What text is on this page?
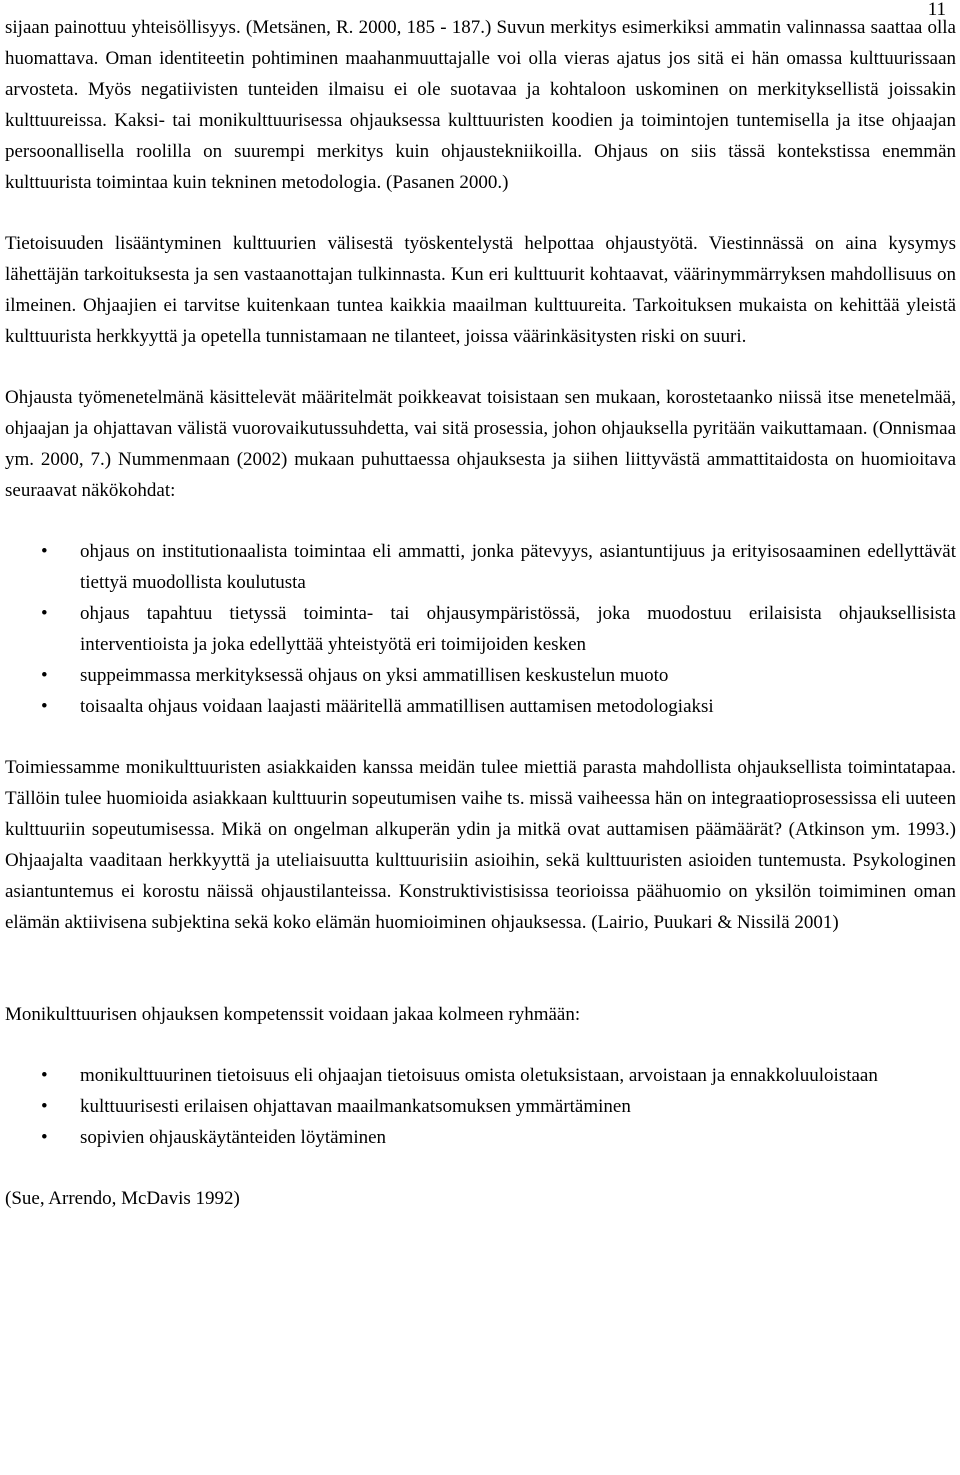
11

sijaan painottuu yhteisöllisyys. (Metsänen, R. 2000, 185 - 187.) Suvun merkitys esimerkiksi ammatin valinnassa saattaa olla huomattava. Oman identiteetin pohtiminen maahanmuuttajalle voi olla vieras ajatus jos sitä ei hän omassa kulttuurissaan arvosteta. Myös negatiivisten tunteiden ilmaisu ei ole suotavaa ja kohtaloon uskominen on merkityksellistä joissakin kulttuureissa. Kaksi- tai monikulttuurisessa ohjauksessa kulttuuristen koodien ja toimintojen tuntemisella ja itse ohjaajan persoonallisella roolilla on suurempi merkitys kuin ohjaustekniikoilla. Ohjaus on siis tässä kontekstissa enemmän kulttuurista toimintaa kuin tekninen metodologia. (Pasanen 2000.)

Tietoisuuden lisääntyminen kulttuurien välisestä työskentelystä helpottaa ohjaustyötä. Viestinnässä on aina kysymys lähettäjän tarkoituksesta ja sen vastaanottajan tulkinnasta. Kun eri kulttuurit kohtaavat, väärinymmärryksen mahdollisuus on ilmeinen. Ohjaajien ei tarvitse kuitenkaan tuntea kaikkia maailman kulttuureita. Tarkoituksen mukaista on kehittää yleistä kulttuurista herkkyyttä ja opetella tunnistamaan ne tilanteet, joissa väärinkäsitysten riski on suuri.

Ohjausta työmenetelmänä käsittelevät määritelmät poikkeavat toisistaan sen mukaan, korostetaanko niissä itse menetelmää, ohjaajan ja ohjattavan välistä vuorovaikutussuhdetta, vai sitä prosessia, johon ohjauksella pyritään vaikuttamaan. (Onnismaa ym. 2000, 7.) Nummenmaan (2002) mukaan puhuttaessa ohjauksesta ja siihen liittyvästä ammattitaidosta on huomioitava seuraavat näkökohdat:

• ohjaus on institutionaalista toimintaa eli ammatti, jonka pätevyys, asiantuntijuus ja erityisosaaminen edellyttävät tiettyä muodollista koulutusta
• ohjaus tapahtuu tietyssä toiminta- tai ohjausympäristössä, joka muodostuu erilaisista ohjauksellisista interventioista ja joka edellyttää yhteistyötä eri toimijoiden kesken
• suppeimmassa merkityksessä ohjaus on yksi ammatillisen keskustelun muoto
• toisaalta ohjaus voidaan laajasti määritellä ammatillisen auttamisen metodologiaksi

Toimiessamme monikulttuuristen asiakkaiden kanssa meidän tulee miettiä parasta mahdollista ohjauksellista toimintatapaa. Tällöin tulee huomioida asiakkaan kulttuurin sopeutumisen vaihe ts. missä vaiheessa hän on integraatioprosessissa eli uuteen kulttuuriin sopeutumisessa. Mikä on ongelman alkuperän ydin ja mitkä ovat auttamisen päämäärät? (Atkinson ym. 1993.) Ohjaajalta vaaditaan herkkyyttä ja uteliaisuutta kulttuurisiin asioihin, sekä kulttuuristen asioiden tuntemusta. Psykologinen asiantuntemus ei korostu näissä ohjaustilanteissa. Konstruktivistisissa teorioissa päähuomio on yksilön toimiminen oman elämän aktiivisena subjektina sekä koko elämän huomioiminen ohjauksessa. (Lairio, Puukari & Nissilä 2001)

Monikulttuurisen ohjauksen kompetenssit voidaan jakaa kolmeen ryhmään:

• monikulttuurinen tietoisuus eli ohjaajan tietoisuus omista oletuksistaan, arvoistaan ja ennakkoluuloistaan
• kulttuurisesti erilaisen ohjattavan maailmankatsomuksen ymmärtäminen
• sopivien ohjauskäytänteiden löytäminen

(Sue, Arrendo, McDavis 1992)
